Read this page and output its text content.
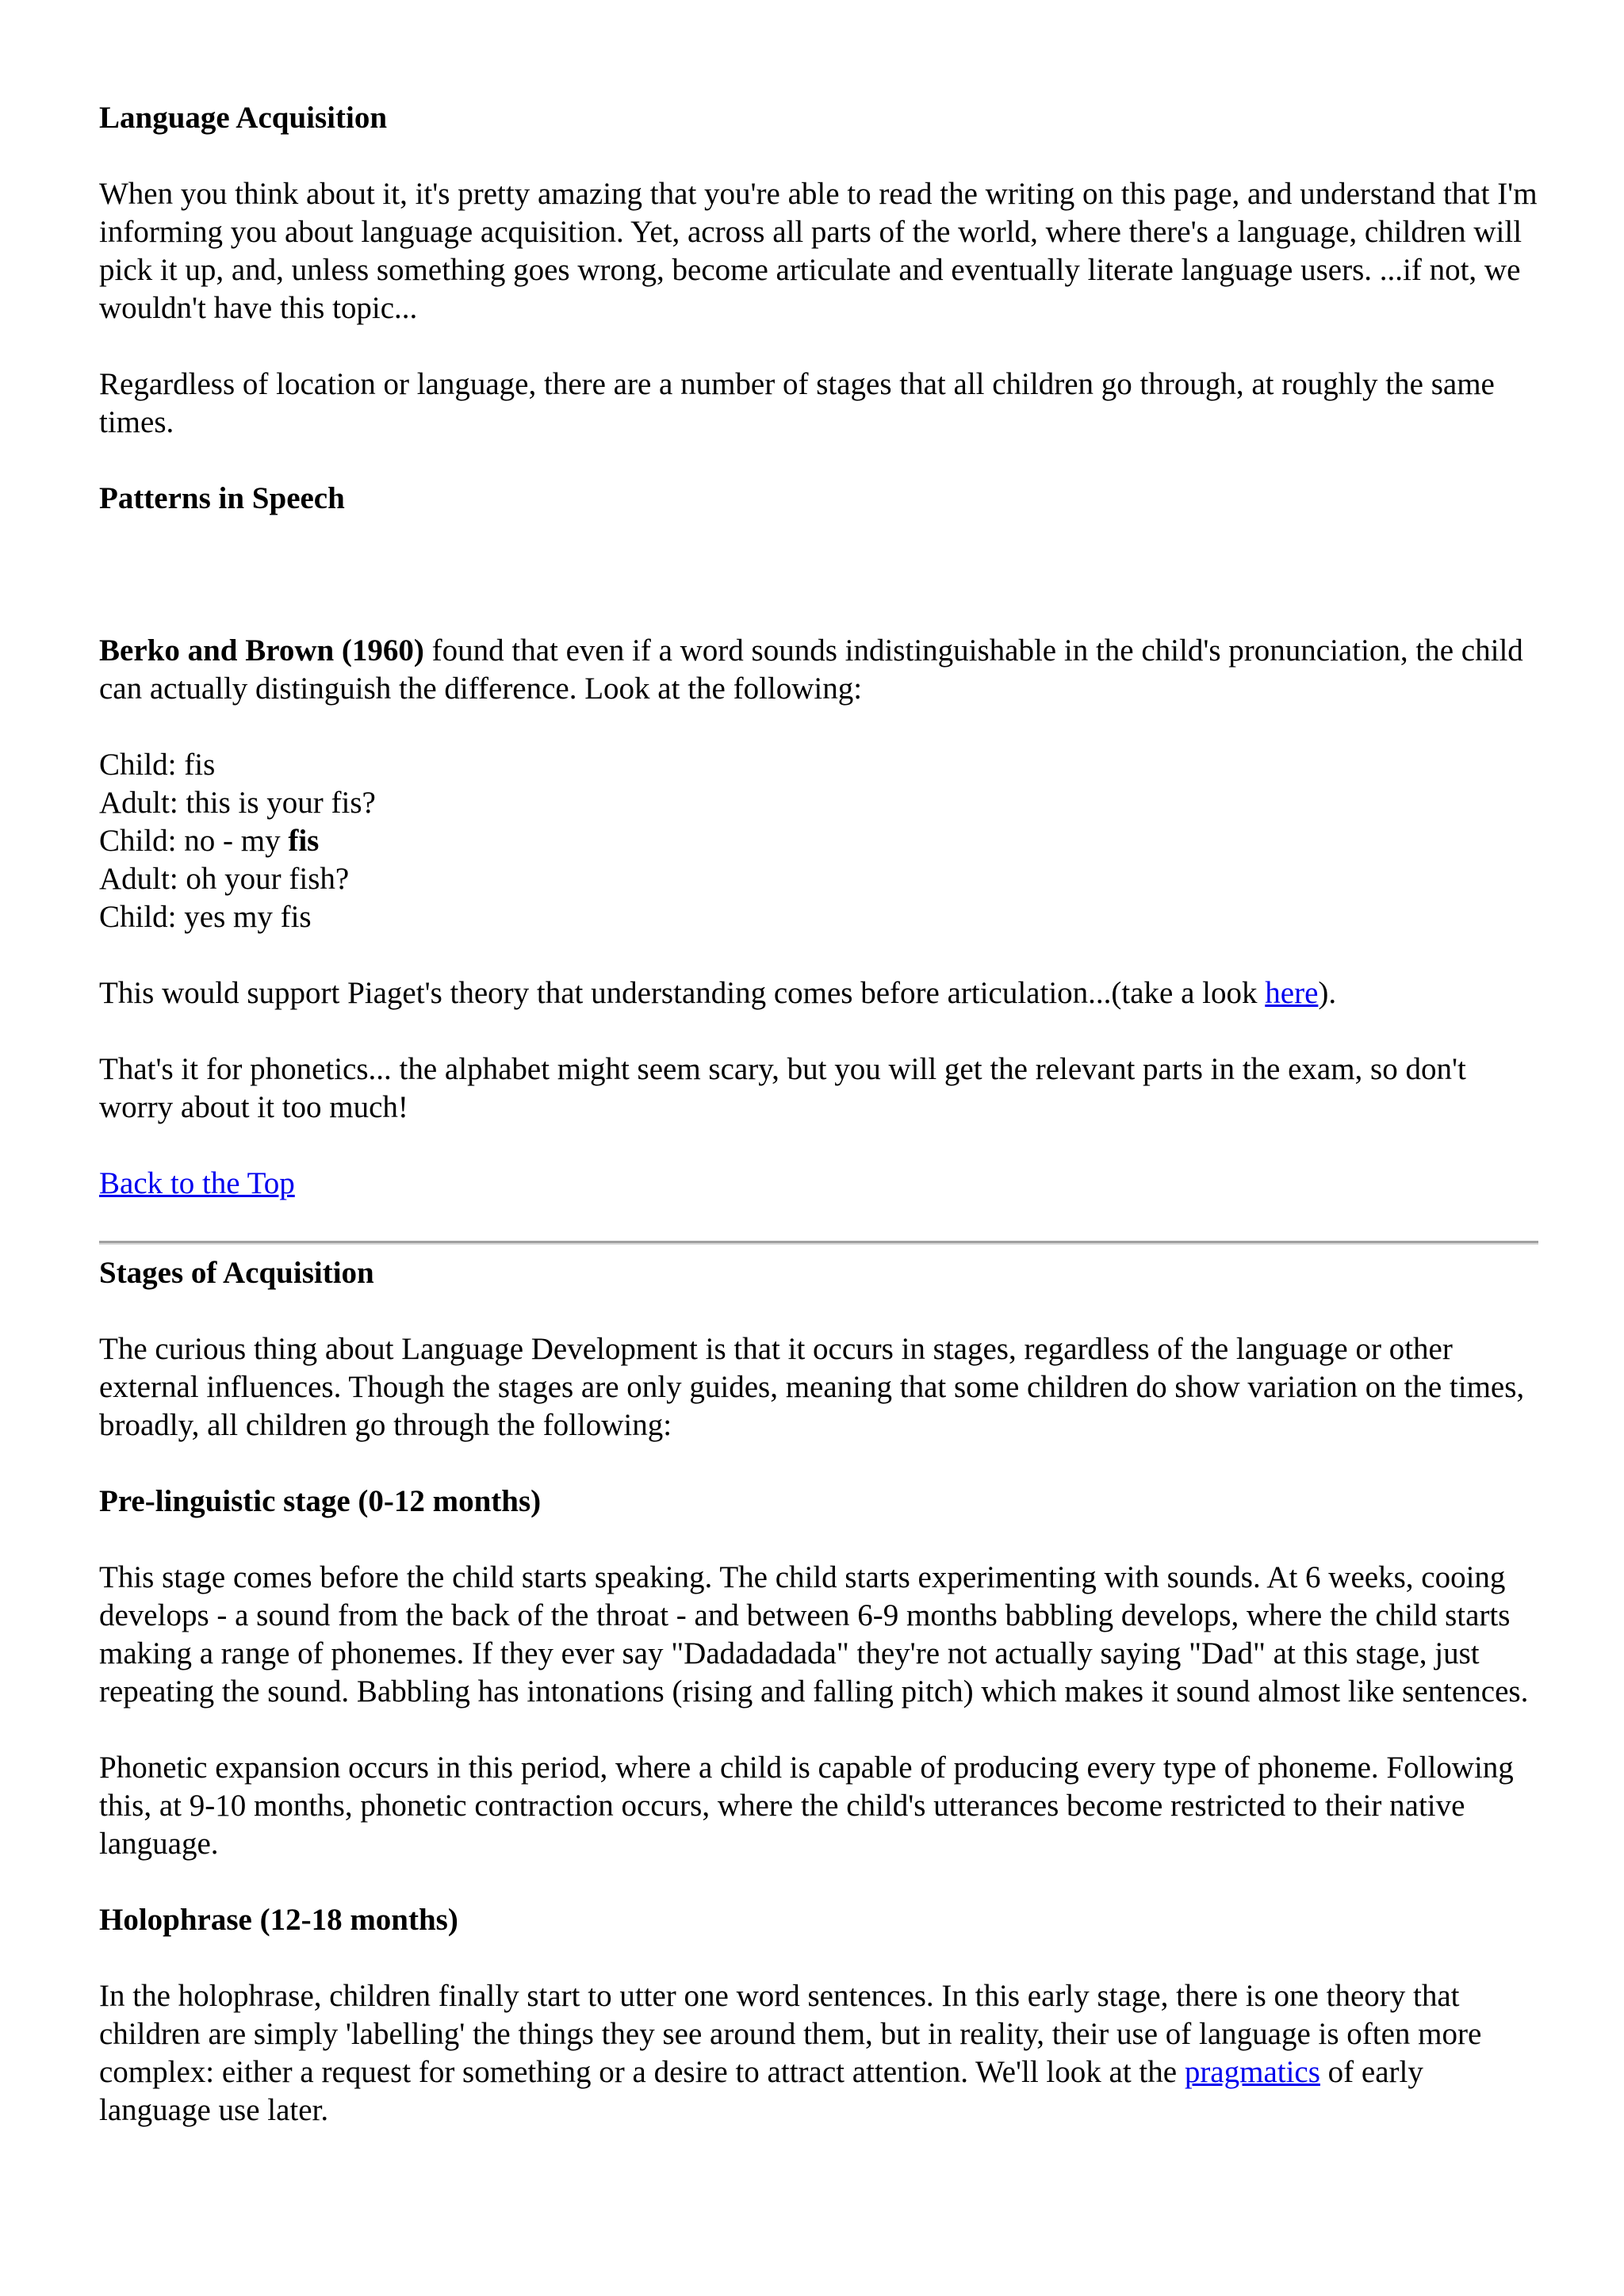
Language Acquisition

When you think about it, it's pretty amazing that you're able to read the writing on this page, and understand that I'm informing you about language acquisition. Yet, across all parts of the world, where there's a language, children will pick it up, and, unless something goes wrong, become articulate and eventually literate language users. ...if not, we wouldn't have this topic...

Regardless of location or language, there are a number of stages that all children go through, at roughly the same times.

Patterns in Speech

Berko and Brown (1960) found that even if a word sounds indistinguishable in the child's pronunciation, the child can actually distinguish the difference. Look at the following:

Child: fis
Adult: this is your fis?
Child: no - my fis
Adult: oh your fish?
Child: yes my fis

This would support Piaget's theory that understanding comes before articulation...(take a look here).

That's it for phonetics... the alphabet might seem scary, but you will get the relevant parts in the exam, so don't worry about it too much!

Back to the Top

Stages of Acquisition

The curious thing about Language Development is that it occurs in stages, regardless of the language or other external influences. Though the stages are only guides, meaning that some children do show variation on the times, broadly, all children go through the following:

Pre-linguistic stage (0-12 months)

This stage comes before the child starts speaking. The child starts experimenting with sounds. At 6 weeks, cooing develops - a sound from the back of the throat - and between 6-9 months babbling develops, where the child starts making a range of phonemes. If they ever say "Dadadadada" they're not actually saying "Dad" at this stage, just repeating the sound. Babbling has intonations (rising and falling pitch) which makes it sound almost like sentences.

Phonetic expansion occurs in this period, where a child is capable of producing every type of phoneme. Following this, at 9-10 months, phonetic contraction occurs, where the child's utterances become restricted to their native language.

Holophrase (12-18 months)

In the holophrase, children finally start to utter one word sentences. In this early stage, there is one theory that children are simply 'labelling' the things they see around them, but in reality, their use of language is often more complex: either a request for something or a desire to attract attention. We'll look at the pragmatics of early language use later.
